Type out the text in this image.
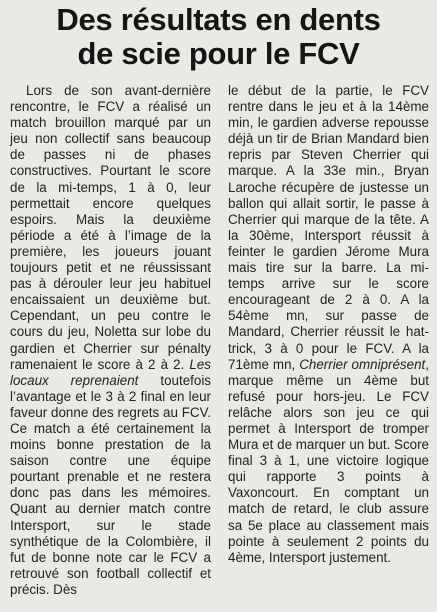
Des résultats en dents
de scie pour le FCV

Lors de son avant-dernière rencontre, le FCV a réalisé un match brouillon marqué par un jeu non collectif sans beaucoup de passes ni de phases constructives. Pourtant le score de la mi-temps, 1 à 0, leur permettait encore quelques espoirs. Mais la deuxième période a été à l’image de la première, les joueurs jouant toujours petit et ne réussissant pas à dérouler leur jeu habituel encaissaient un deuxième but. Cependant, un peu contre le cours du jeu, Noletta sur lobe du gardien et Cherrier sur pénalty ramenaient le score à 2 à 2. Les locaux reprenaient toutefois l’avantage et le 3 à 2 final en leur faveur donne des regrets au FCV. Ce match a été certainement la moins bonne prestation de la saison contre une équipe pourtant prenable et ne restera donc pas dans les mémoires. Quant au dernier match contre Intersport, sur le stade synthétique de la Colombière, il fut de bonne note car le FCV a retrouvé son football collectif et précis. Dès

le début de la partie, le FCV rentre dans le jeu et à la 14ème min, le gardien adverse repousse déjà un tir de Brian Mandard bien repris par Steven Cherrier qui marque. A la 33e min., Bryan Laroche récupère de justesse un ballon qui allait sortir, le passe à Cherrier qui marque de la tête. A la 30ème, Intersport réussit à feinter le gardien Jérome Mura mais tire sur la barre. La mi-temps arrive sur le score encourageant de 2 à 0. A la 54ème mn, sur passe de Mandard, Cherrier réussit le hat-trick, 3 à 0 pour le FCV. A la 71ème mn, Cherrier omniprésent, marque même un 4ème but refusé pour hors-jeu. Le FCV relâche alors son jeu ce qui permet à Intersport de tromper Mura et de marquer un but. Score final 3 à 1, une victoire logique qui rapporte 3 points à Vaxoncourt. En comptant un match de retard, le club assure sa 5e place au classement mais pointe à seulement 2 points du 4ème, Intersport justement.
